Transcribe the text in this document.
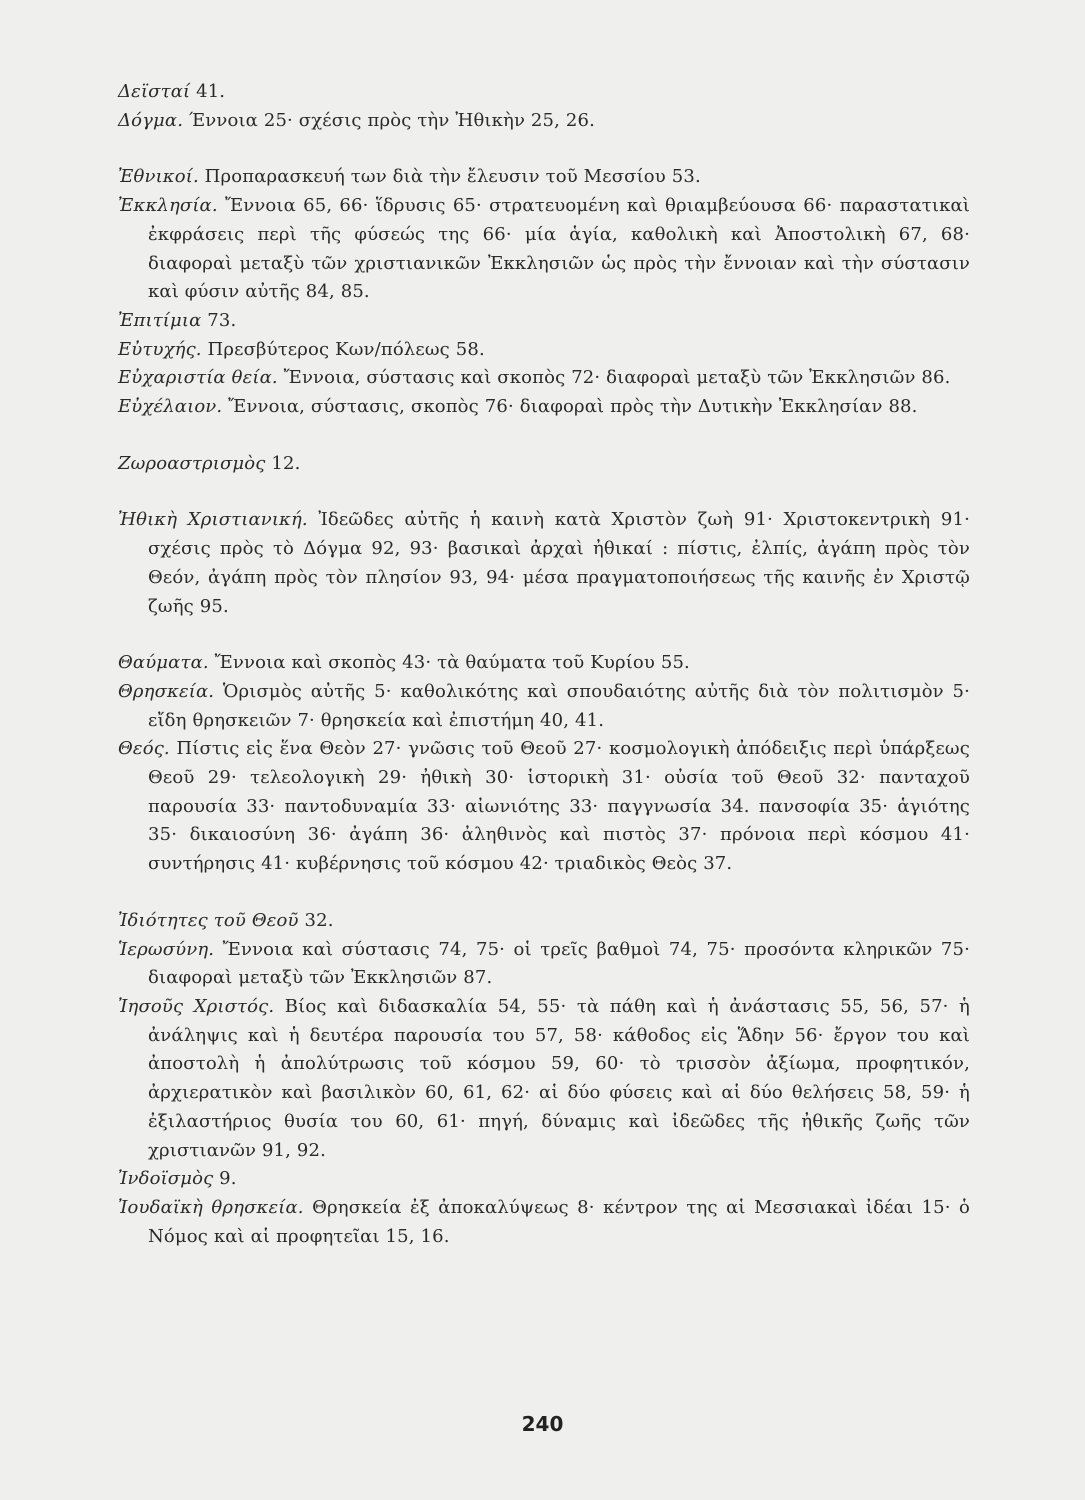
Δεϊσταί 41.
Δόγμα. Έννοια 25· σχέσις πρὸς τὴν Ἠθικὴν 25, 26.
Ἐθνικοί. Προπαρασκευή των διὰ τὴν ἔλευσιν τοῦ Μεσσίου 53.
Ἐκκλησία. Ἔννοια 65, 66· ἵδρυσις 65· στρατευομένη καὶ θριαμβεύουσα 66· παραστατικαὶ ἐκφράσεις περὶ τῆς φύσεώς της 66· μία ἁγία, καθολικὴ καὶ Ἀποστολικὴ 67, 68· διαφοραὶ μεταξὺ τῶν χριστιανικῶν Ἐκκλησιῶν ὡς πρὸς τὴν ἔννοιαν καὶ τὴν σύστασιν καὶ φύσιν αὐτῆς 84, 85.
Ἐπιτίμια 73.
Εὐτυχής. Πρεσβύτερος Κων/πόλεως 58.
Εὐχαριστία θεία. Ἔννοια, σύστασις καὶ σκοπὸς 72· διαφοραὶ μεταξὺ τῶν Ἐκκλησιῶν 86.
Εὐχέλαιον. Ἔννοια, σύστασις, σκοπὸς 76· διαφοραὶ πρὸς τὴν Δυτικὴν Ἐκκλησίαν 88.
Ζωροαστρισμὸς 12.
Ἠθικὴ Χριστιανική. Ἰδεῶδες αὐτῆς ἡ καινὴ κατὰ Χριστὸν ζωὴ 91· Χριστοκεντρικὴ 91· σχέσις πρὸς τὸ Δόγμα 92, 93· βασικαὶ ἀρχαὶ ἠθικαί : πίστις, ἐλπίς, ἀγάπη πρὸς τὸν Θεόν, ἀγάπη πρὸς τὸν πλησίον 93, 94· μέσα πραγματοποιήσεως τῆς καινῆς ἐν Χριστῷ ζωῆς 95.
Θαύματα. Ἔννοια καὶ σκοπὸς 43· τὰ θαύματα τοῦ Κυρίου 55.
Θρησκεία. Ὁρισμὸς αὐτῆς 5· καθολικότης καὶ σπουδαιότης αὐτῆς διὰ τὸν πολιτισμὸν 5· εἴδη θρησκειῶν 7· θρησκεία καὶ ἐπιστήμη 40, 41.
Θεός. Πίστις εἰς ἕνα Θεὸν 27· γνῶσις τοῦ Θεοῦ 27· κοσμολογικὴ ἀπόδειξις περὶ ὑπάρξεως Θεοῦ 29· τελεολογικὴ 29· ἠθικὴ 30· ἱστορικὴ 31· οὐσία τοῦ Θεοῦ 32· πανταχοῦ παρουσία 33· παντοδυναμία 33· αἰωνιότης 33· παγγνωσία 34. πανσοφία 35· ἁγιότης 35· δικαιοσύνη 36· ἀγάπη 36· ἀληθινὸς καὶ πιστὸς 37· πρόνοια περὶ κόσμου 41· συντήρησις 41· κυβέρνησις τοῦ κόσμου 42· τριαδικὸς Θεὸς 37.
Ἰδιότητες τοῦ Θεοῦ 32.
Ἱερωσύνη. Ἔννοια καὶ σύστασις 74, 75· οἱ τρεῖς βαθμοὶ 74, 75· προσόντα κληρικῶν 75· διαφοραὶ μεταξὺ τῶν Ἐκκλησιῶν 87.
Ἰησοῦς Χριστός. Βίος καὶ διδασκαλία 54, 55· τὰ πάθη καὶ ἡ ἀνάστασις 55, 56, 57· ἡ ἀνάληψις καὶ ἡ δευτέρα παρουσία του 57, 58· κάθοδος εἰς Ἅδην 56· ἔργον του καὶ ἀποστολὴ ἡ ἀπολύτρωσις τοῦ κόσμου 59, 60· τὸ τρισσὸν ἀξίωμα, προφητικόν, ἀρχιερατικὸν καὶ βασιλικὸν 60, 61, 62· αἱ δύο φύσεις καὶ αἱ δύο θελήσεις 58, 59· ἡ ἐξιλαστήριος θυσία του 60, 61· πηγή, δύναμις καὶ ἰδεῶδες τῆς ἠθικῆς ζωῆς τῶν χριστιανῶν 91, 92.
Ἰνδοϊσμὸς 9.
Ἰουδαϊκὴ θρησκεία. Θρησκεία ἐξ ἀποκαλύψεως 8· κέντρον της αἱ Μεσσιακαὶ ἰδέαι 15· ὁ Νόμος καὶ αἱ προφητεῖαι 15, 16.
240
